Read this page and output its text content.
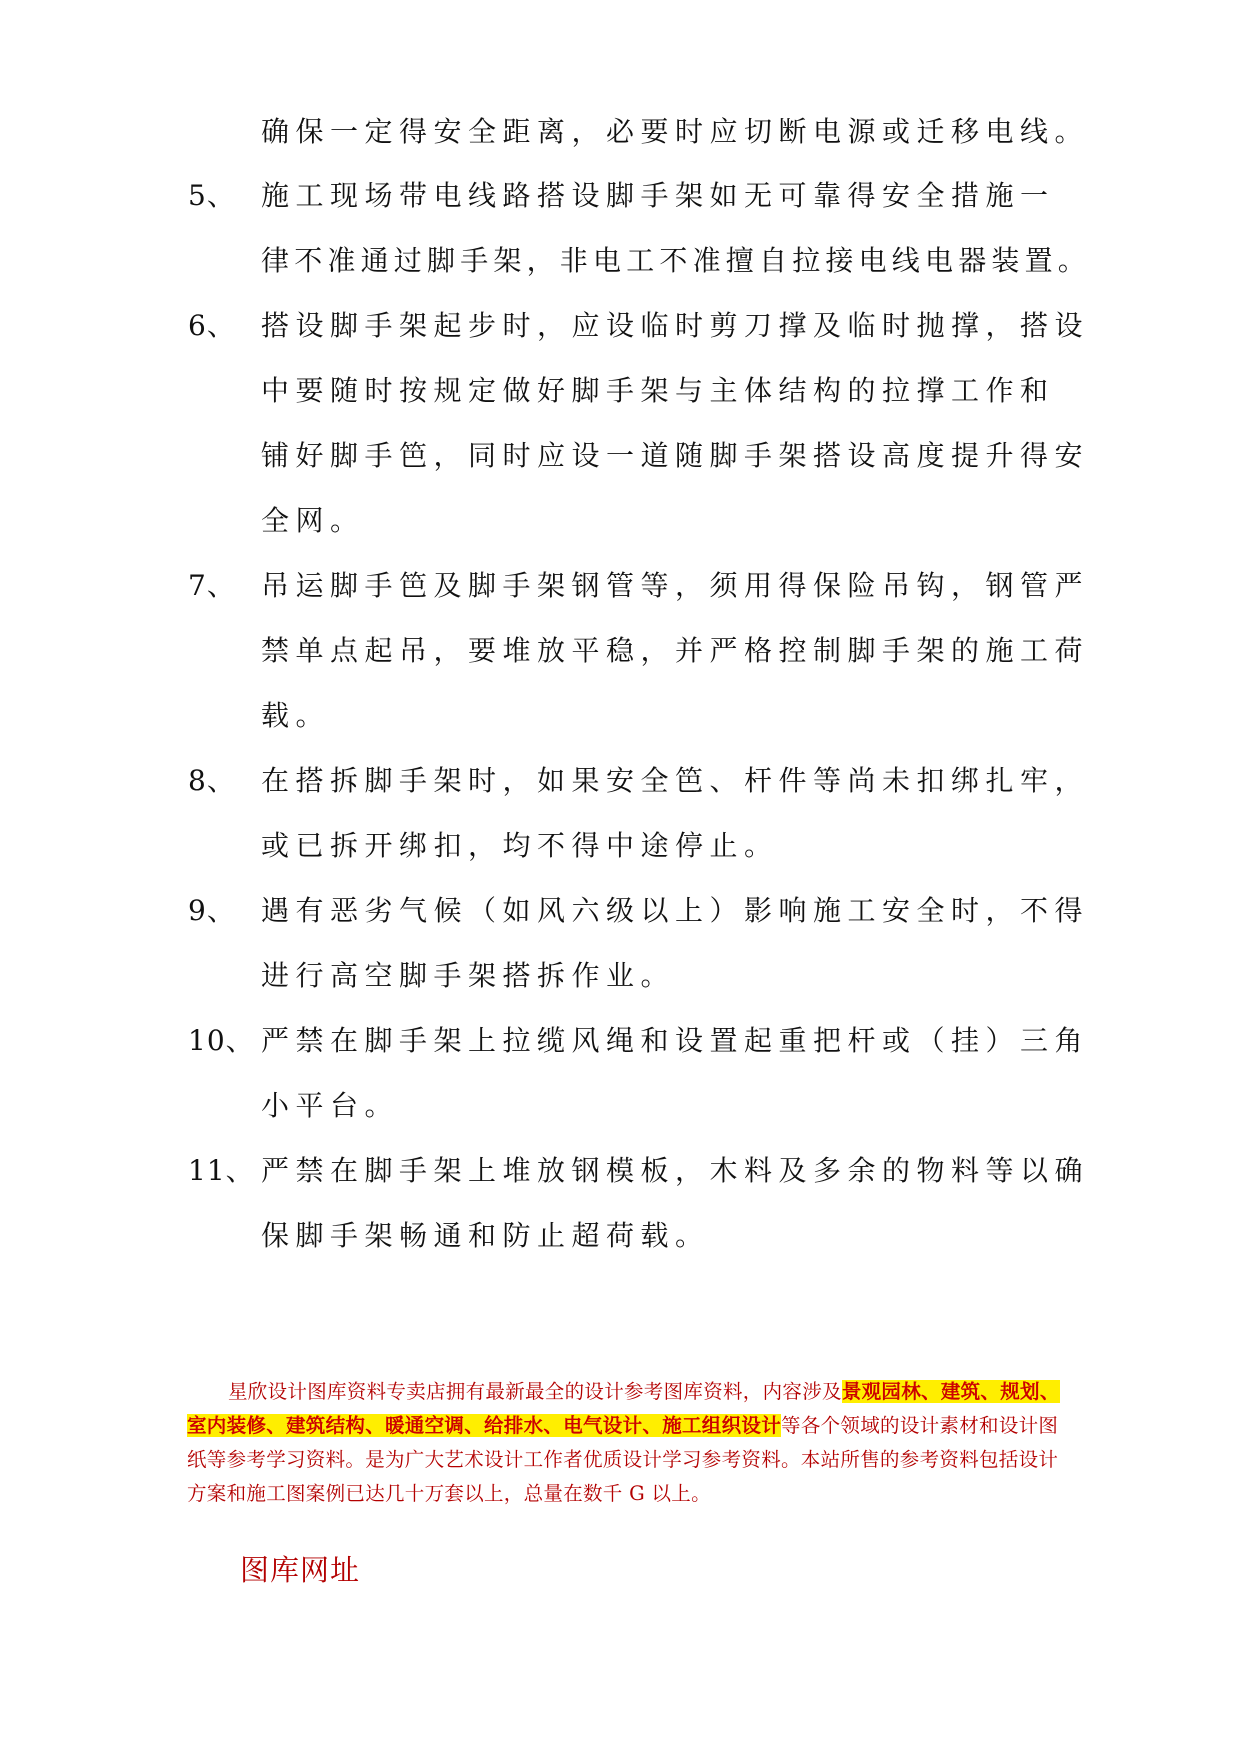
确保一定得安全距离，必要时应切断电源或迁移电线。
5、 施工现场带电线路搭设脚手架如无可靠得安全措施一
律不准通过脚手架，非电工不准擅自拉接电线电器装置。
6、 搭设脚手架起步时，应设临时剪刀撑及临时抛撑，搭设
中要随时按规定做好脚手架与主体结构的拉撑工作和
铺好脚手笆，同时应设一道随脚手架搭设高度提升得安
全网。
7、 吊运脚手笆及脚手架钢管等，须用得保险吊钩，钢管严
禁单点起吊，要堆放平稳，并严格控制脚手架的施工荷
载。
8、 在搭拆脚手架时，如果安全笆、杆件等尚未扣绑扎牢，
或已拆开绑扣，均不得中途停止。
9、 遇有恶劣气候（如风六级以上）影响施工安全时，不得
进行高空脚手架搭拆作业。
10、 严禁在脚手架上拉缆风绳和设置起重把杆或（挂）三角
小平台。
11、 严禁在脚手架上堆放钢模板，木料及多余的物料等以确
保脚手架畅通和防止超荷载。
星欣设计图库资料专卖店拥有最新最全的设计参考图库资料，内容涉及景观园林、建筑、规划、室内装修、建筑结构、暖通空调、给排水、电气设计、施工组织设计等各个领域的设计素材和设计图纸等参考学习资料。是为广大艺术设计工作者优质设计学习参考资料。本站所售的参考资料包括设计方案和施工图案例已达几十万套以上，总量在数千 G 以上。
图库网址
